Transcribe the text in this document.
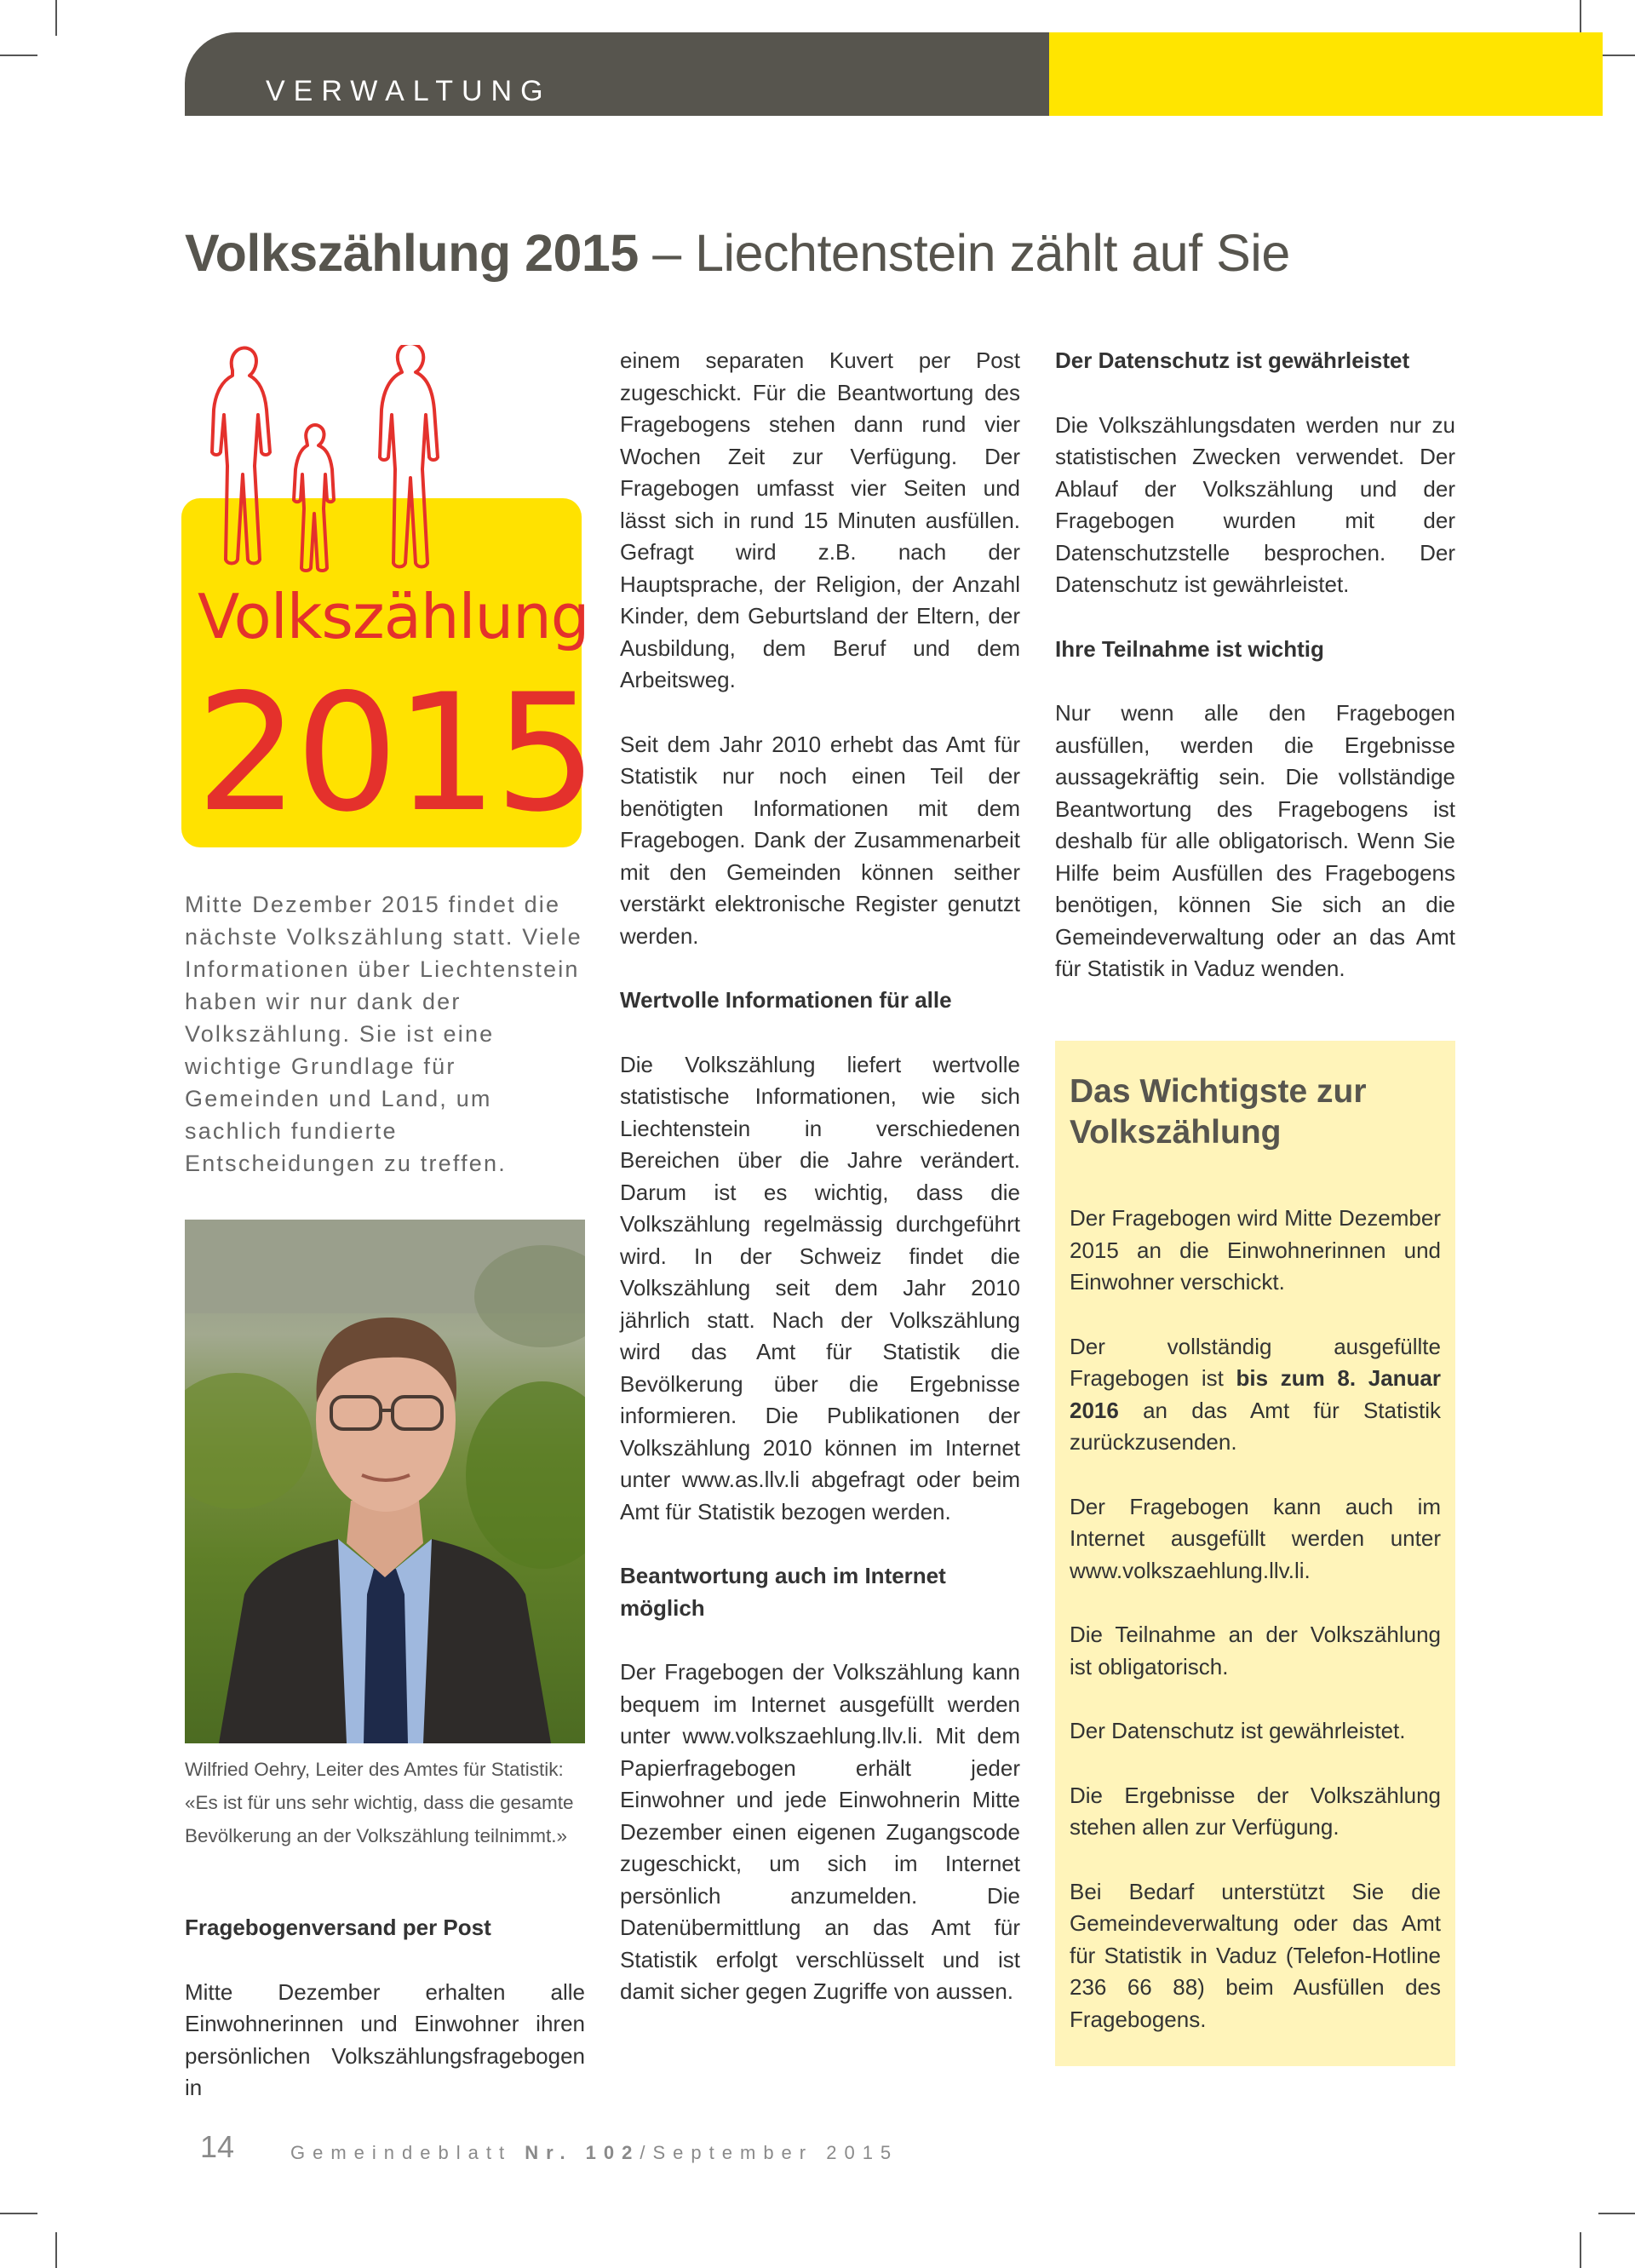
VERWALTUNG
Volkszählung 2015 – Liechtenstein zählt auf Sie
Volkszählung
2015
Mitte Dezember 2015 findet die nächste Volkszählung statt. Viele Informationen über Liechtenstein haben wir nur dank der Volkszählung. Sie ist eine wichtige Grundlage für Gemeinden und Land, um sachlich fundierte Entscheidungen zu treffen.
Wilfried Oehry, Leiter des Amtes für Statistik: «Es ist für uns sehr wichtig, dass die gesamte Bevölkerung an der Volkszählung teilnimmt.»
Fragebogenversand per Post

Mitte Dezember erhalten alle Einwohnerinnen und Einwohner ihren persönlichen Volkszählungsfragebogen in

einem separaten Kuvert per Post zugeschickt. Für die Beantwortung des Fragebogens stehen dann rund vier Wochen Zeit zur Verfügung. Der Fragebogen umfasst vier Seiten und lässt sich in rund 15 Minuten ausfüllen. Gefragt wird z.B. nach der Hauptsprache, der Religion, der Anzahl Kinder, dem Geburtsland der Eltern, der Ausbildung, dem Beruf und dem Arbeitsweg.

Seit dem Jahr 2010 erhebt das Amt für Statistik nur noch einen Teil der benötigten Informationen mit dem Fragebogen. Dank der Zusammenarbeit mit den Gemeinden können seither verstärkt elektronische Register genutzt werden.

Wertvolle Informationen für alle

Die Volkszählung liefert wertvolle statistische Informationen, wie sich Liechtenstein in verschiedenen Bereichen über die Jahre verändert. Darum ist es wichtig, dass die Volkszählung regelmässig durchgeführt wird. In der Schweiz findet die Volkszählung seit dem Jahr 2010 jährlich statt. Nach der Volkszählung wird das Amt für Statistik die Bevölkerung über die Ergebnisse informieren. Die Publikationen der Volkszählung 2010 können im Internet unter www.as.llv.li abgefragt oder beim Amt für Statistik bezogen werden.

Beantwortung auch im Internet möglich

Der Fragebogen der Volkszählung kann bequem im Internet ausgefüllt werden unter www.volkszaehlung.llv.li. Mit dem Papierfragebogen erhält jeder Einwohner und jede Einwohnerin Mitte Dezember einen eigenen Zugangscode zugeschickt, um sich im Internet persönlich anzumelden. Die Datenübermittlung an das Amt für Statistik erfolgt verschlüsselt und ist damit sicher gegen Zugriffe von aussen.

Der Datenschutz ist gewährleistet

Die Volkszählungsdaten werden nur zu statistischen Zwecken verwendet. Der Ablauf der Volkszählung und der Fragebogen wurden mit der Datenschutzstelle besprochen. Der Datenschutz ist gewährleistet.

Ihre Teilnahme ist wichtig

Nur wenn alle den Fragebogen ausfüllen, werden die Ergebnisse aussagekräftig sein. Die vollständige Beantwortung des Fragebogens ist deshalb für alle obligatorisch. Wenn Sie Hilfe beim Ausfüllen des Fragebogens benötigen, können Sie sich an die Gemeindeverwaltung oder an das Amt für Statistik in Vaduz wenden.

Das Wichtigste zur Volkszählung

Der Fragebogen wird Mitte Dezember 2015 an die Einwohnerinnen und Einwohner verschickt.

Der vollständig ausgefüllte Fragebogen ist bis zum 8. Januar 2016 an das Amt für Statistik zurückzusenden.

Der Fragebogen kann auch im Internet ausgefüllt werden unter www.volkszaehlung.llv.li.

Die Teilnahme an der Volkszählung ist obligatorisch.

Der Datenschutz ist gewährleistet.

Die Ergebnisse der Volkszählung stehen allen zur Verfügung.

Bei Bedarf unterstützt Sie die Gemeindeverwaltung oder das Amt für Statistik in Vaduz (Telefon-Hotline 236 66 88) beim Ausfüllen des Fragebogens.

14	Gemeindeblatt Nr. 102/September 2015
